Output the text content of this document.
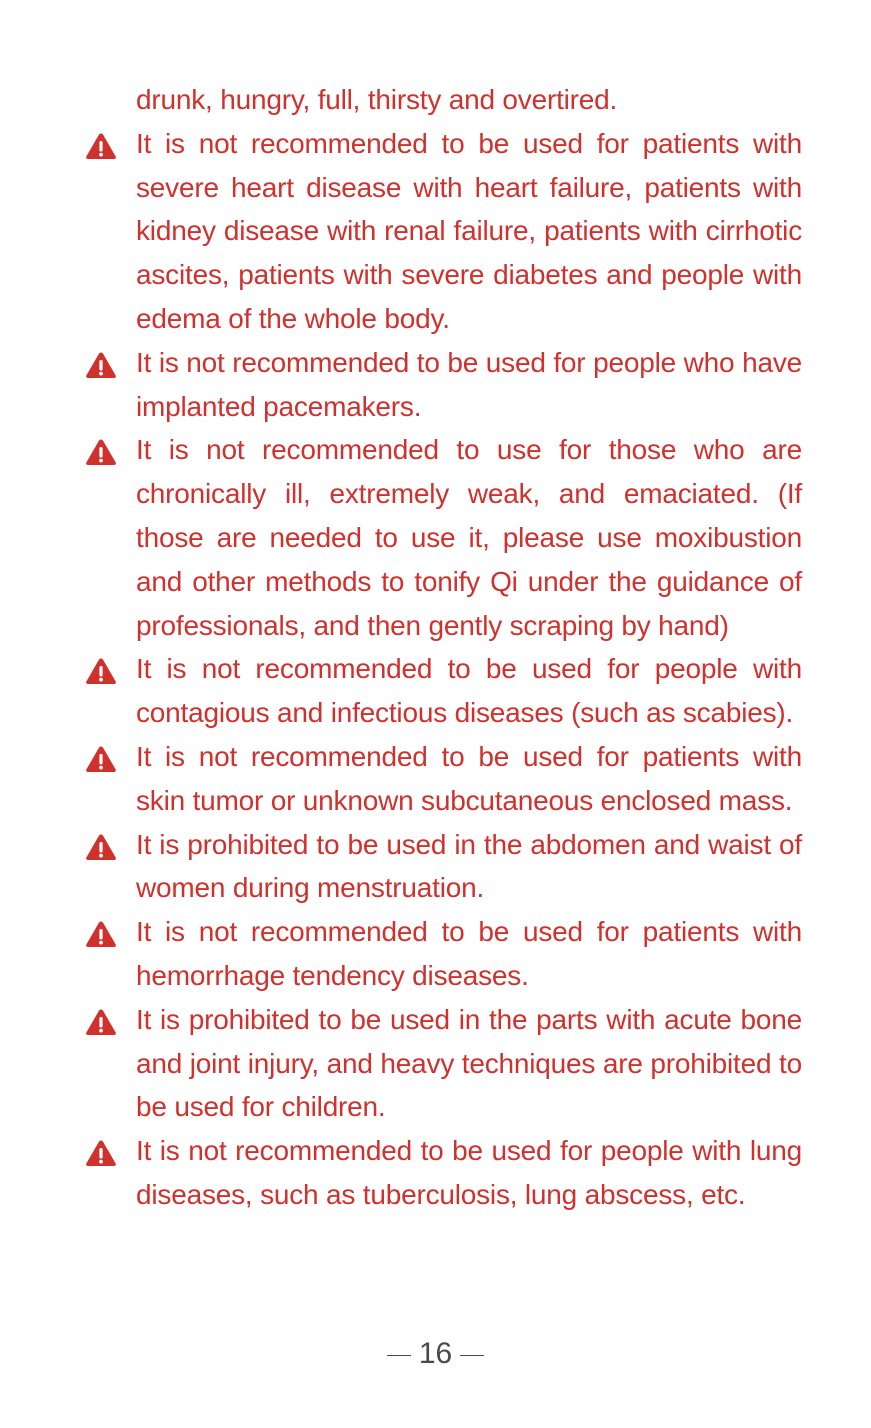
drunk, hungry, full, thirsty and overtired.

It is not recommended to be used for patients with severe heart disease with heart failure, patients with kidney disease with renal failure, patients with cirrhotic ascites, patients with severe diabetes and people with edema of the whole body.

It is not recommended to be used for people who have implanted pacemakers.

It is not recommended to use for those who are chronically ill, extremely weak, and emaciated. (If those are needed to use it, please use moxibustion and other methods to tonify Qi under the guidance of professionals, and then gently scraping by hand)

It is not recommended to be used for people with contagious and infectious diseases (such as scabies).

It is not recommended to be used for patients with skin tumor or unknown subcutaneous enclosed mass.

It is prohibited to be used in the abdomen and waist of women during menstruation.

It is not recommended to be used for patients with hemorrhage tendency diseases.

It is prohibited to be used in the parts with acute bone and joint injury, and heavy techniques are prohibited to be used for children.

It is not recommended to be used for people with lung diseases, such as tuberculosis, lung abscess, etc.

16
